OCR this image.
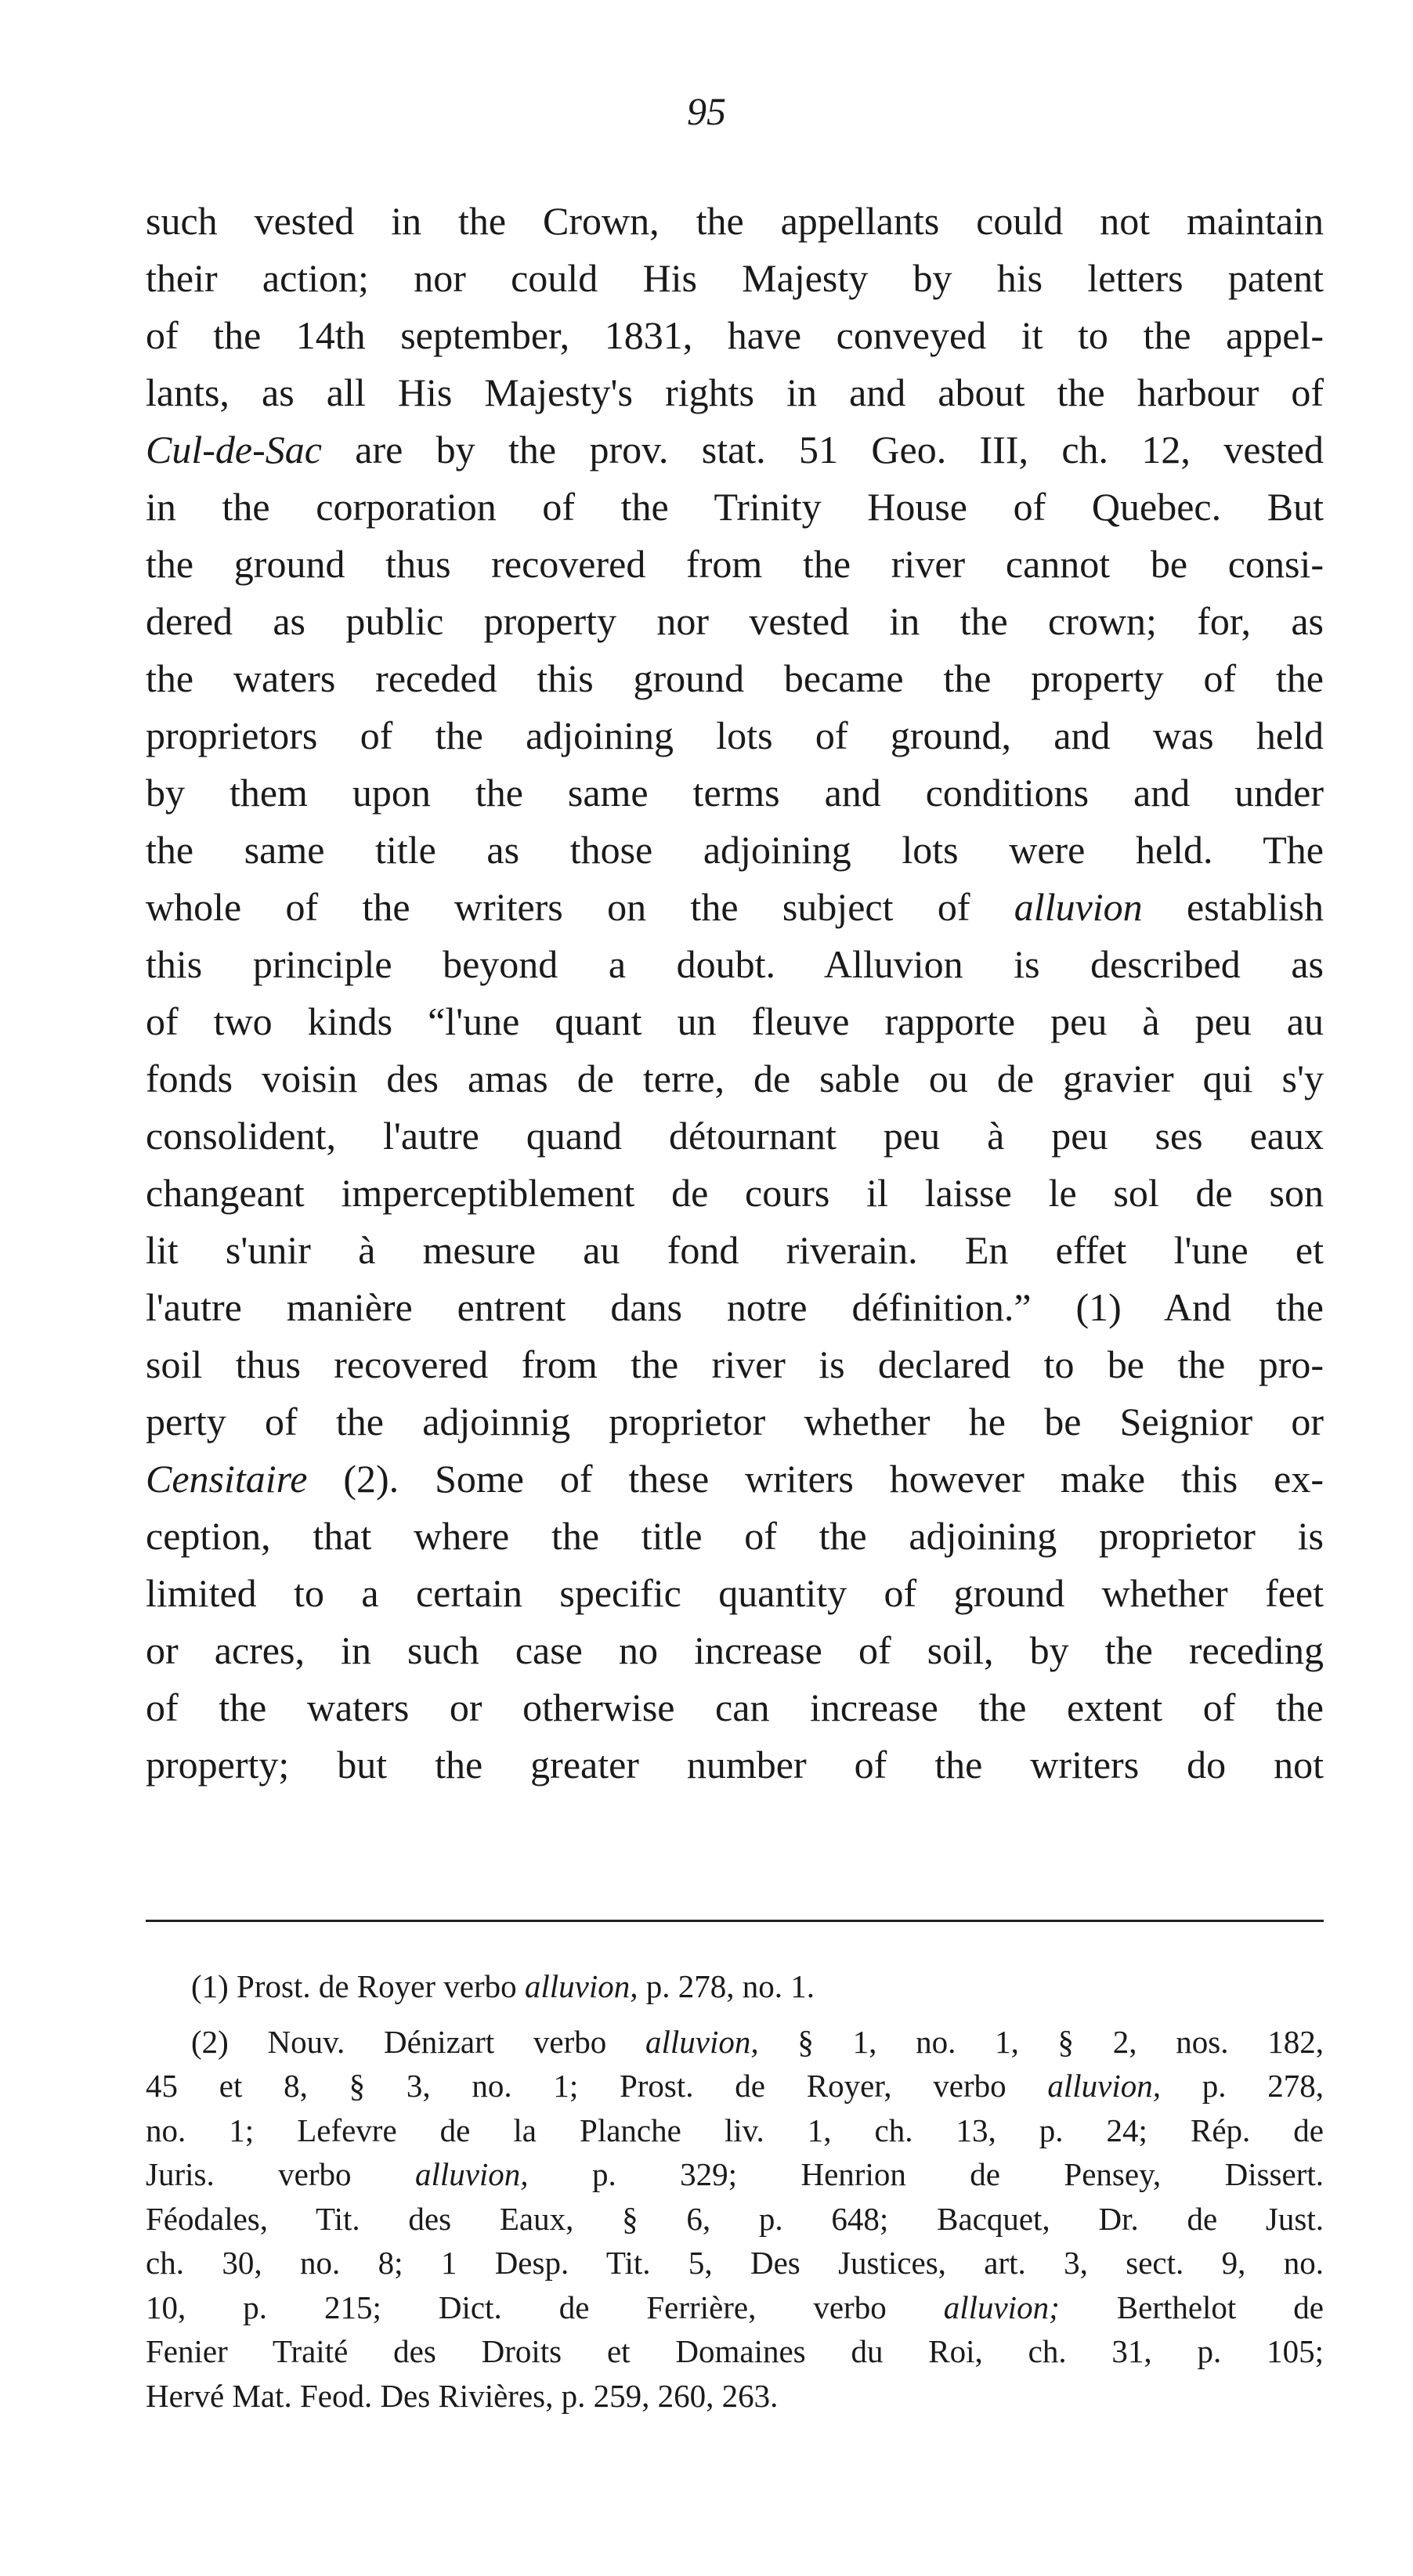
95
such vested in the Crown, the appellants could not maintain
their action; nor could His Majesty by his letters patent
of the 14th september, 1831, have conveyed it to the appel-
lants, as all His Majesty's rights in and about the harbour of
Cul-de-Sac are by the prov. stat. 51 Geo. III, ch. 12, vested
in the corporation of the Trinity House of Quebec. But
the ground thus recovered from the river cannot be consi-
dered as public property nor vested in the crown; for, as
the waters receded this ground became the property of the
proprietors of the adjoining lots of ground, and was held
by them upon the same terms and conditions and under
the same title as those adjoining lots were held. The
whole of the writers on the subject of alluvion establish
this principle beyond a doubt. Alluvion is described as
of two kinds “l'une quant un fleuve rapporte peu à peu au
fonds voisin des amas de terre, de sable ou de gravier qui s'y
consolident, l'autre quand détournant peu à peu ses eaux
changeant imperceptiblement de cours il laisse le sol de son
lit s'unir à mesure au fond riverain. En effet l'une et
l'autre manière entrent dans notre définition.” (1) And the
soil thus recovered from the river is declared to be the pro-
perty of the adjoinnig proprietor whether he be Seignior or
Censitaire (2). Some of these writers however make this ex-
ception, that where the title of the adjoining proprietor is
limited to a certain specific quantity of ground whether feet
or acres, in such case no increase of soil, by the receding
of the waters or otherwise can increase the extent of the
property; but the greater number of the writers do not
(1) Prost. de Royer verbo alluvion, p. 278, no. 1.
(2) Nouv. Dénizart verbo alluvion, § 1, no. 1, § 2, nos. 182,
45 et 8, § 3, no. 1; Prost. de Royer, verbo alluvion, p. 278,
no. 1; Lefevre de la Planche liv. 1, ch. 13, p. 24; Rép. de
Juris. verbo alluvion, p. 329; Henrion de Pensey, Dissert.
Féodales, Tit. des Eaux, § 6, p. 648; Bacquet, Dr. de Just.
ch. 30, no. 8; 1 Desp. Tit. 5, Des Justices, art. 3, sect. 9, no.
10, p. 215; Dict. de Ferrière, verbo alluvion; Berthelot de
Fenier Traité des Droits et Domaines du Roi, ch. 31, p. 105;
Hervé Mat. Feod. Des Rivières, p. 259, 260, 263.
